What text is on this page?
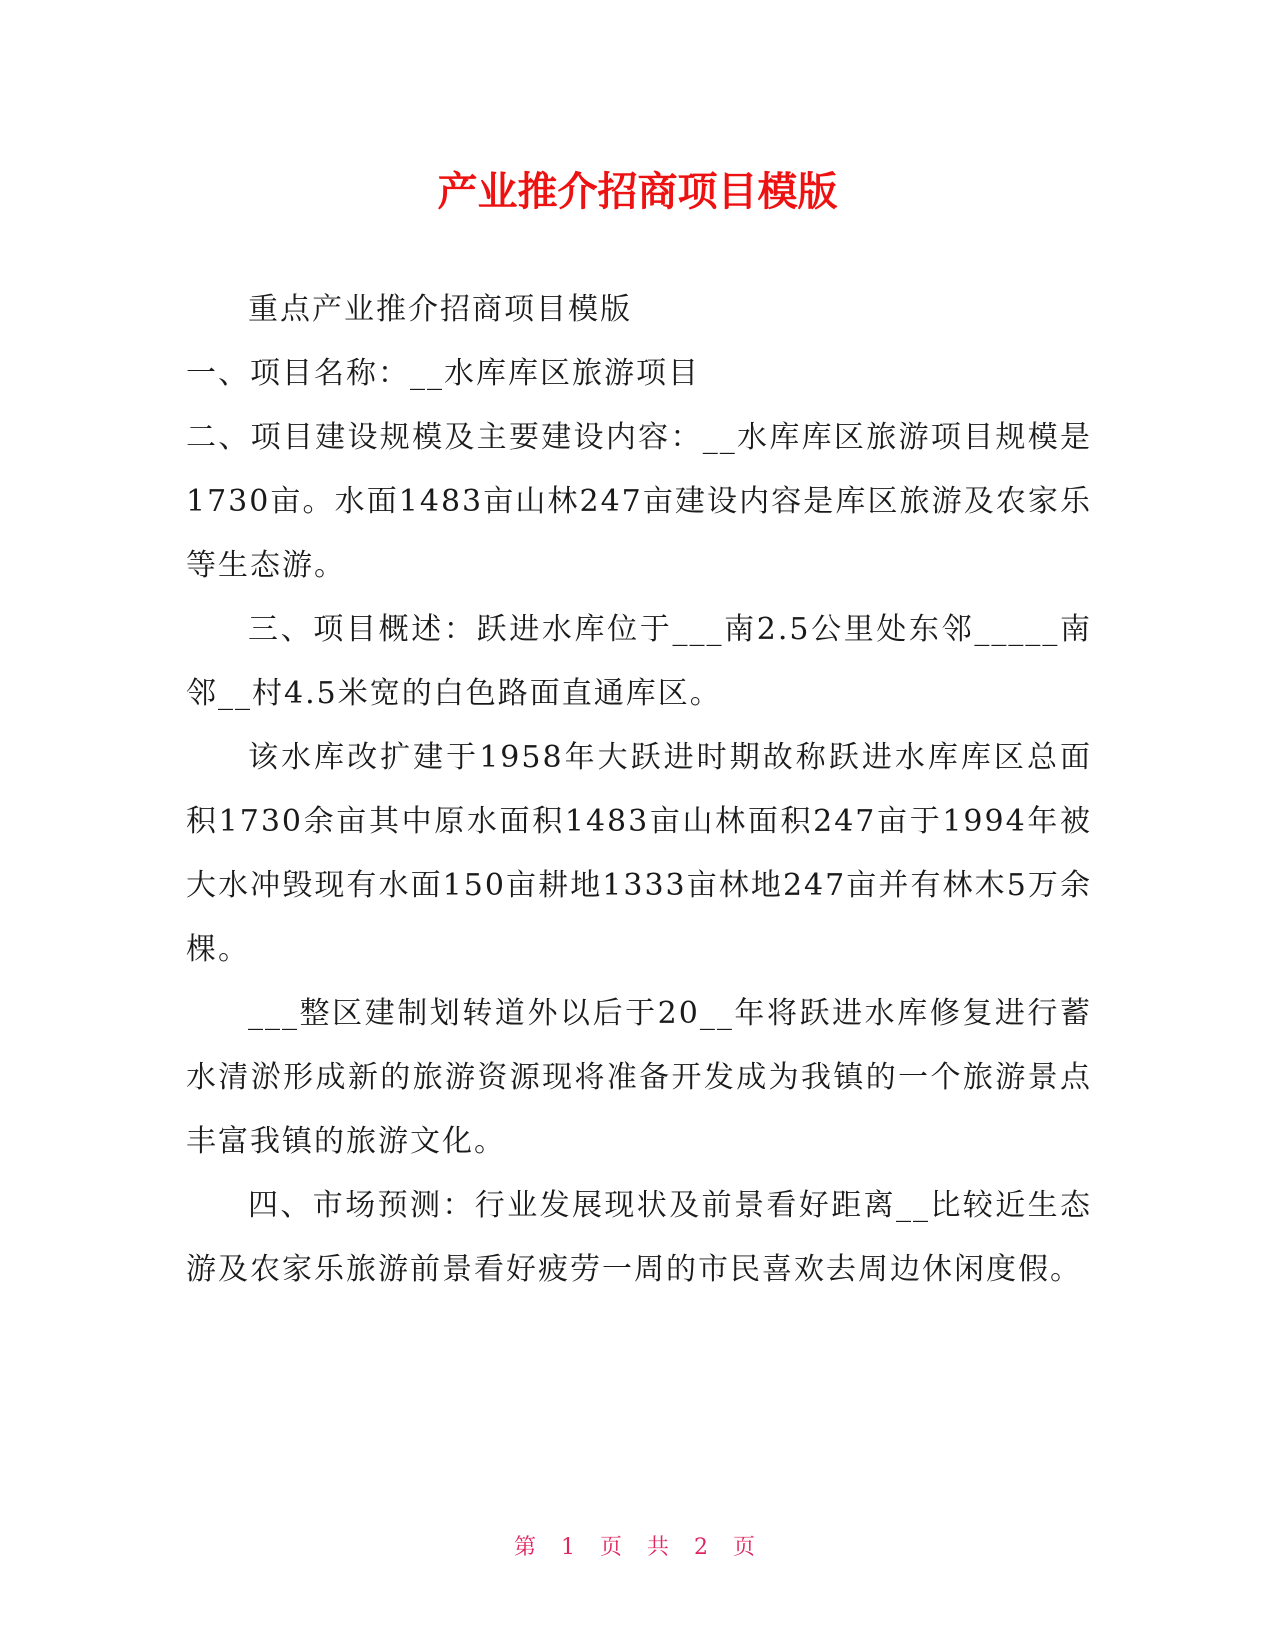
产业推介招商项目模版

重点产业推介招商项目模版

一、项目名称：__水库库区旅游项目

二、项目建设规模及主要建设内容：__水库库区旅游项目规模是1730亩。水面1483亩山林247亩建设内容是库区旅游及农家乐等生态游。

三、项目概述：跃进水库位于___南2.5公里处东邻_____南邻__村4.5米宽的白色路面直通库区。

该水库改扩建于1958年大跃进时期故称跃进水库库区总面积1730余亩其中原水面积1483亩山林面积247亩于1994年被大水冲毁现有水面150亩耕地1333亩林地247亩并有林木5万余棵。

___整区建制划转道外以后于20__年将跃进水库修复进行蓄水清淤形成新的旅游资源现将准备开发成为我镇的一个旅游景点丰富我镇的旅游文化。

四、市场预测：行业发展现状及前景看好距离__比较近生态游及农家乐旅游前景看好疲劳一周的市民喜欢去周边休闲度假。

第 1 页 共 2 页
